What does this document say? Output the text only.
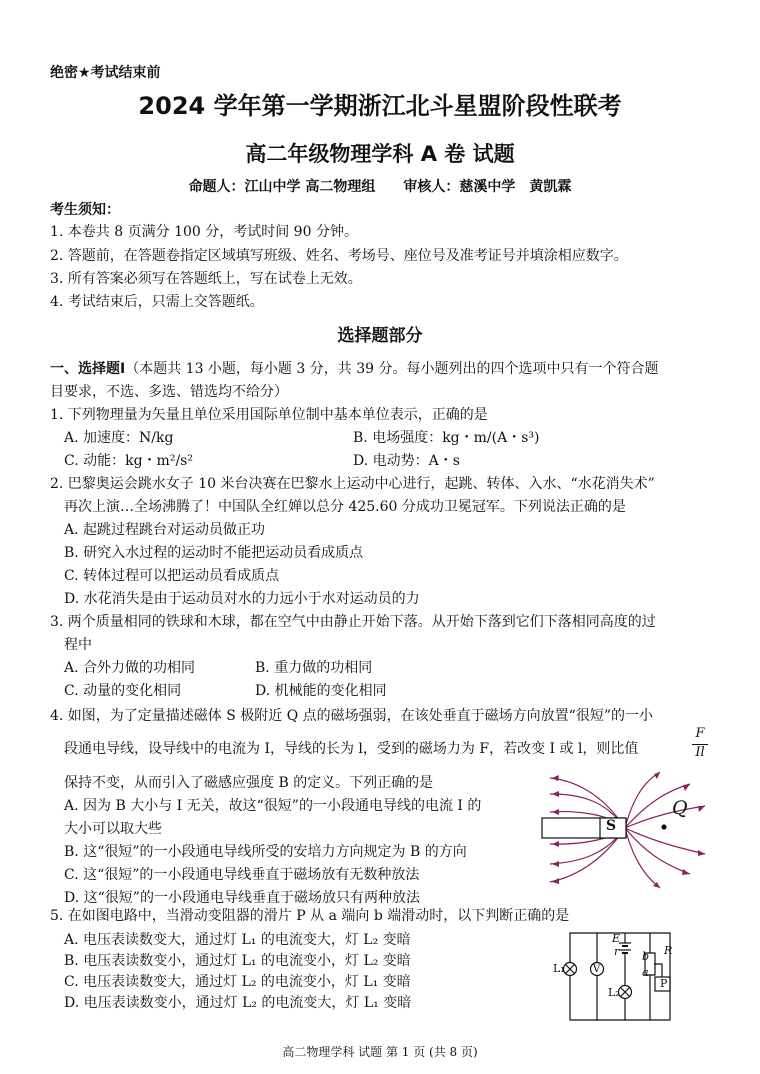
绝密★考试结束前
2024 学年第一学期浙江北斗星盟阶段性联考
高二年级物理学科 A 卷 试题
命题人：江山中学 高二物理组　　审核人：慈溪中学　黄凯霖
考生须知：
1. 本卷共 8 页满分 100 分，考试时间 90 分钟。
2. 答题前，在答题卷指定区域填写班级、姓名、考场号、座位号及准考证号并填涂相应数字。
3. 所有答案必须写在答题纸上，写在试卷上无效。
4. 考试结束后，只需上交答题纸。
选择题部分
一、选择题Ⅰ（本题共 13 小题，每小题 3 分，共 39 分。每小题列出的四个选项中只有一个符合题
目要求，不选、多选、错选均不给分）
1. 下列物理量为矢量且单位采用国际单位制中基本单位表示，正确的是
A. 加速度：N/kg	B. 电场强度：kg・m/(A・s³)
C. 动能：kg・m²/s²	D. 电动势：A・s
2. 巴黎奥运会跳水女子 10 米台决赛在巴黎水上运动中心进行，起跳、转体、入水、“水花消失术”
再次上演…全场沸腾了！中国队全红婵以总分 425.60 分成功卫冕冠军。下列说法正确的是
A. 起跳过程跳台对运动员做正功
B. 研究入水过程的运动时不能把运动员看成质点
C. 转体过程可以把运动员看成质点
D. 水花消失是由于运动员对水的力远小于水对运动员的力
3. 两个质量相同的铁球和木球，都在空气中由静止开始下落。从开始下落到它们下落相同高度的过
程中
A. 合外力做的功相同	B. 重力做的功相同
C. 动量的变化相同	D. 机械能的变化相同
4. 如图，为了定量描述磁体 S 极附近 Q 点的磁场强弱，在该处垂直于磁场方向放置“很短”的一小
段通电导线，设导线中的电流为 I，导线的长为 l，受到的磁场力为 F，若改变 I 或 l，则比值
F
Il
保持不变，从而引入了磁感应强度 B 的定义。下列正确的是
A. 因为 B 大小与 I 无关，故这“很短”的一小段通电导线的电流 I 的
大小可以取大些
B. 这“很短”的一小段通电导线所受的安培力方向规定为 B 的方向
C. 这“很短”的一小段通电导线垂直于磁场放有无数种放法
D. 这“很短”的一小段通电导线垂直于磁场放只有两种放法
S
Q
5. 在如图电路中，当滑动变阻器的滑片 P 从 a 端向 b 端滑动时，以下判断正确的是
A. 电压表读数变大，通过灯 L₁ 的电流变大，灯 L₂ 变暗
B. 电压表读数变小，通过灯 L₁ 的电流变小，灯 L₂ 变暗
C. 电压表读数变大，通过灯 L₂ 的电流变小，灯 L₁ 变暗
D. 电压表读数变小，通过灯 L₂ 的电流变大，灯 L₁ 变暗
V
E
r	R
b
a
P
L₁
L₂
高二物理学科 试题 第 1 页 (共 8 页)
